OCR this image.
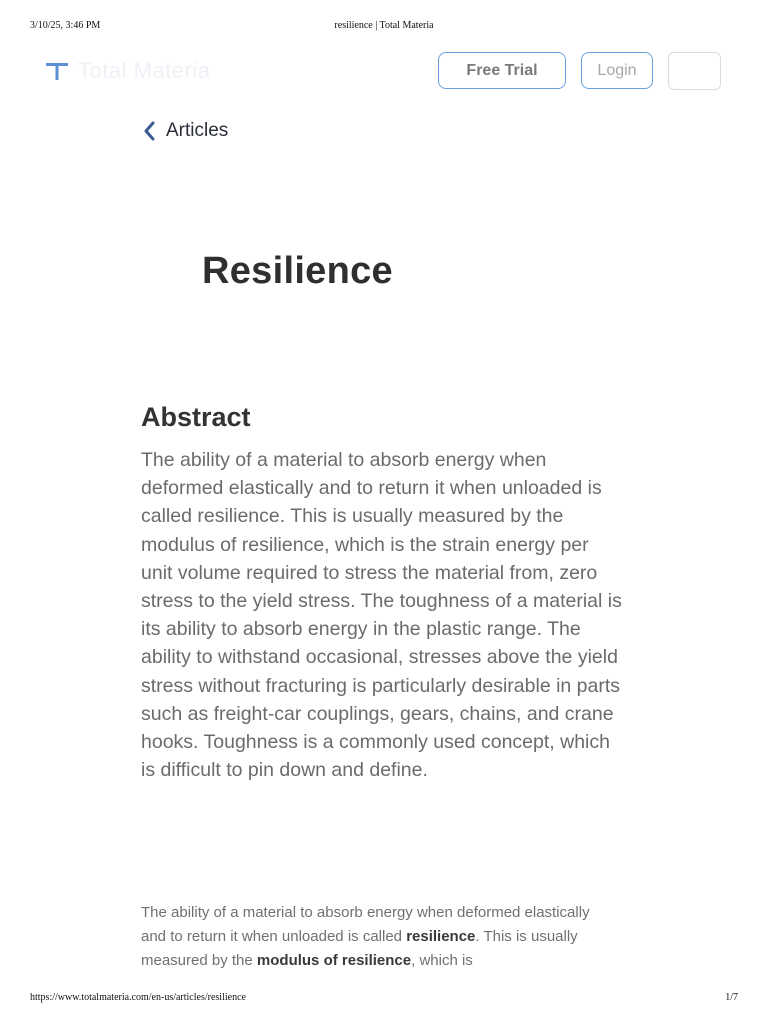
3/10/25, 3:46 PM	resilience | Total Materia
Total Materia	Free Trial	Login
Articles
Resilience
Abstract

The ability of a material to absorb energy when deformed elastically and to return it when unloaded is called resilience. This is usually measured by the modulus of resilience, which is the strain energy per unit volume required to stress the material from, zero stress to the yield stress. The toughness of a material is its ability to absorb energy in the plastic range. The ability to withstand occasional, stresses above the yield stress without fracturing is particularly desirable in parts such as freight-car couplings, gears, chains, and crane hooks. Toughness is a commonly used concept, which is difficult to pin down and define.

The ability of a material to absorb energy when deformed elastically and to return it when unloaded is called resilience. This is usually measured by the modulus of resilience, which is

https://www.totalmateria.com/en-us/articles/resilience	1/7
